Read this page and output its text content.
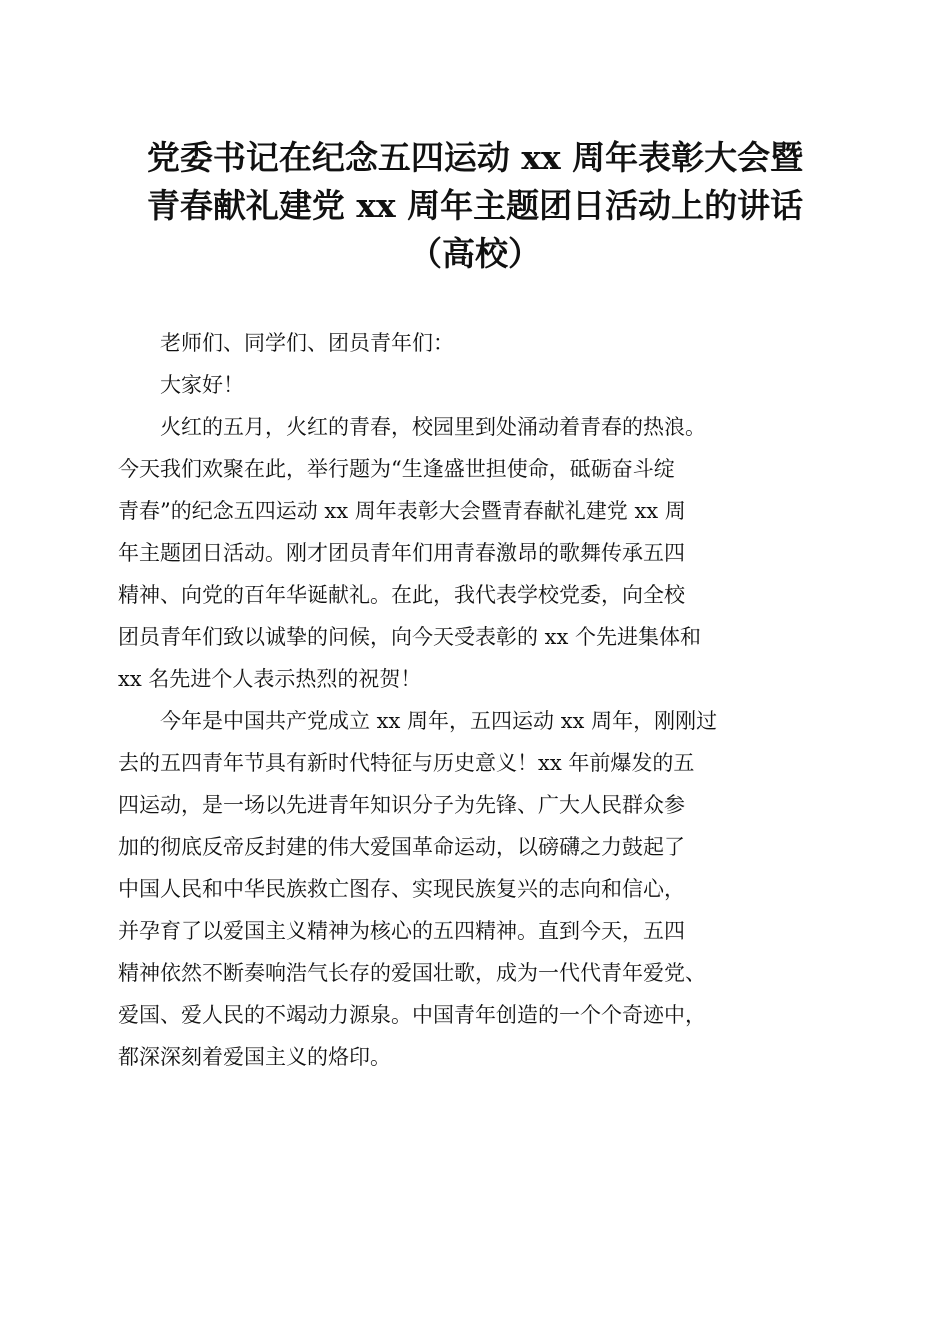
党委书记在纪念五四运动 xx 周年表彰大会暨
青春献礼建党 xx 周年主题团日活动上的讲话
（高校）
老师们、同学们、团员青年们：
大家好！
火红的五月，火红的青春，校园里到处涌动着青春的热浪。
今天我们欢聚在此，举行题为“生逢盛世担使命，砥砺奋斗绽
青春”的纪念五四运动 xx 周年表彰大会暨青春献礼建党 xx 周
年主题团日活动。刚才团员青年们用青春激昂的歌舞传承五四
精神、向党的百年华诞献礼。在此，我代表学校党委，向全校
团员青年们致以诚挚的问候，向今天受表彰的 xx 个先进集体和
xx 名先进个人表示热烈的祝贺！
今年是中国共产党成立 xx 周年，五四运动 xx 周年，刚刚过
去的五四青年节具有新时代特征与历史意义！xx 年前爆发的五
四运动，是一场以先进青年知识分子为先锋、广大人民群众参
加的彻底反帝反封建的伟大爱国革命运动，以磅礴之力鼓起了
中国人民和中华民族救亡图存、实现民族复兴的志向和信心，
并孕育了以爱国主义精神为核心的五四精神。直到今天，五四
精神依然不断奏响浩气长存的爱国壮歌，成为一代代青年爱党、
爱国、爱人民的不竭动力源泉。中国青年创造的一个个奇迹中，
都深深刻着爱国主义的烙印。
